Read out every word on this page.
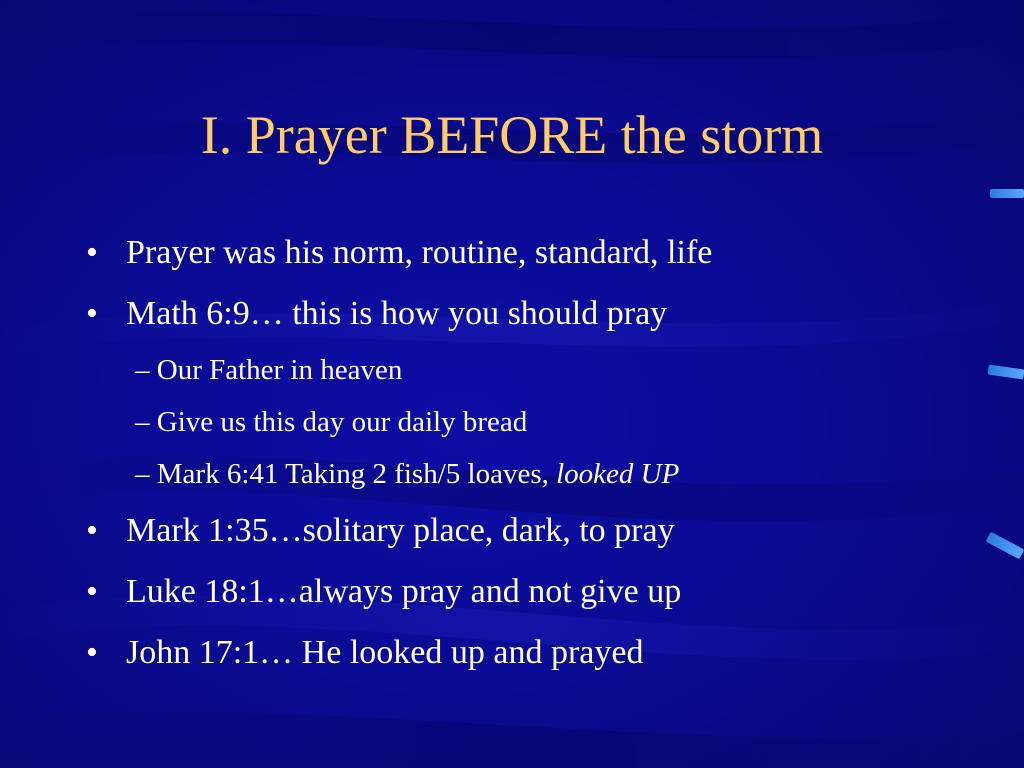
I. Prayer BEFORE the storm
• Prayer was his norm, routine, standard, life
• Math 6:9… this is how you should pray
– Our Father in heaven
– Give us this day our daily bread
– Mark 6:41 Taking 2 fish/5 loaves, looked UP
• Mark 1:35…solitary place, dark, to pray
• Luke 18:1…always pray and not give up
• John 17:1… He looked up and prayed
